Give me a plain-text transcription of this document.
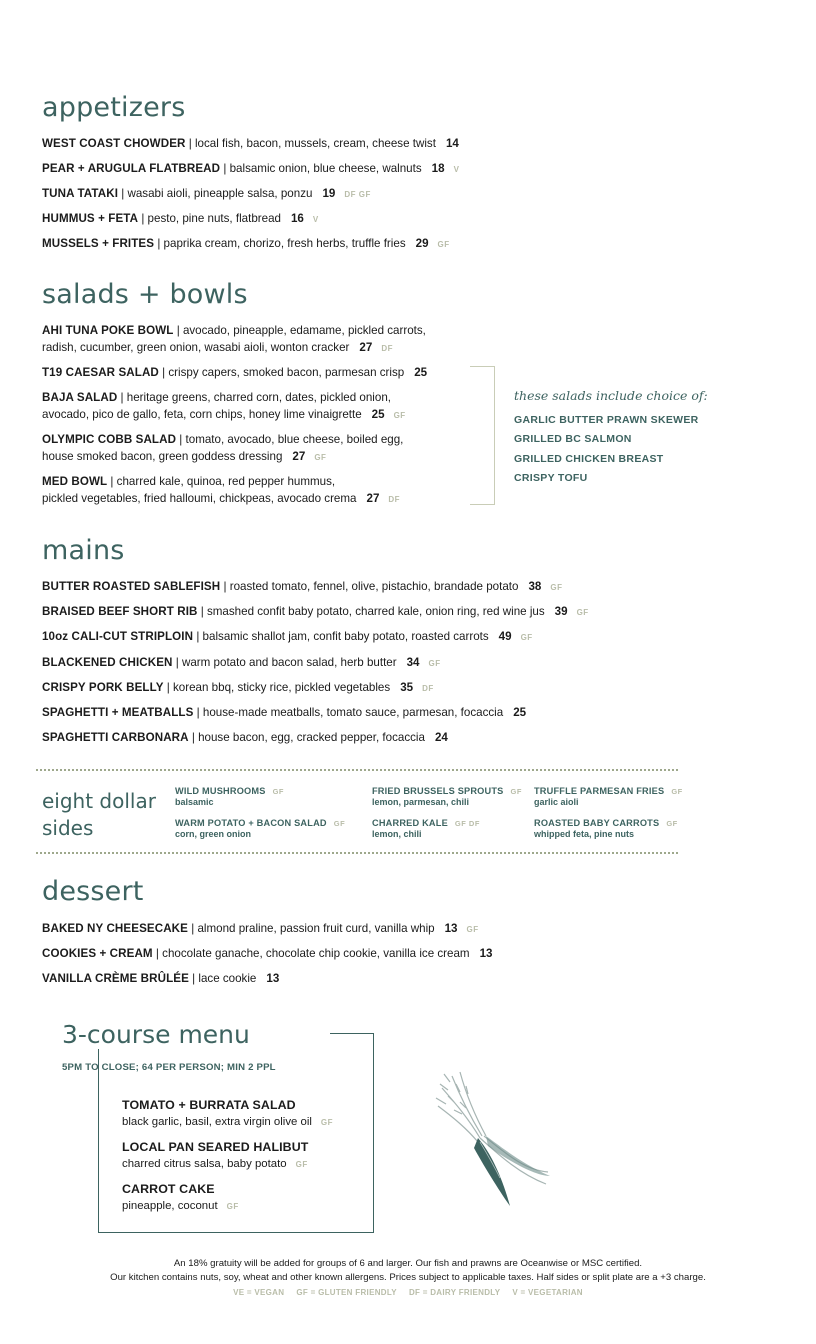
appetizers
WEST COAST CHOWDER | local fish, bacon, mussels, cream, cheese twist 14
PEAR + ARUGULA FLATBREAD | balsamic onion, blue cheese, walnuts 18 V
TUNA TATAKI | wasabi aioli, pineapple salsa, ponzu 19 DF GF
HUMMUS + FETA | pesto, pine nuts, flatbread 16 V
MUSSELS + FRITES | paprika cream, chorizo, fresh herbs, truffle fries 29 GF
salads + bowls
AHI TUNA POKE BOWL | avocado, pineapple, edamame, pickled carrots,
radish, cucumber, green onion, wasabi aioli, wonton cracker 27 DF
T19 CAESAR SALAD | crispy capers, smoked bacon, parmesan crisp 25
BAJA SALAD | heritage greens, charred corn, dates, pickled onion,
avocado, pico de gallo, feta, corn chips, honey lime vinaigrette 25 GF
OLYMPIC COBB SALAD | tomato, avocado, blue cheese, boiled egg,
house smoked bacon, green goddess dressing 27 GF
MED BOWL | charred kale, quinoa, red pepper hummus,
pickled vegetables, fried halloumi, chickpeas, avocado crema 27 DF
these salads include choice of:
GARLIC BUTTER PRAWN SKEWER
GRILLED BC SALMON
GRILLED CHICKEN BREAST
CRISPY TOFU
mains
BUTTER ROASTED SABLEFISH | roasted tomato, fennel, olive, pistachio, brandade potato 38 GF
BRAISED BEEF SHORT RIB | smashed confit baby potato, charred kale, onion ring, red wine jus 39 GF
10oz CALI-CUT STRIPLOIN | balsamic shallot jam, confit baby potato, roasted carrots 49 GF
BLACKENED CHICKEN | warm potato and bacon salad, herb butter 34 GF
CRISPY PORK BELLY | korean bbq, sticky rice, pickled vegetables 35 DF
SPAGHETTI + MEATBALLS | house-made meatballs, tomato sauce, parmesan, focaccia 25
SPAGHETTI CARBONARA | house bacon, egg, cracked pepper, focaccia 24
eight dollar
sides
WILD MUSHROOMS GF
balsamic
FRIED BRUSSELS SPROUTS GF
lemon, parmesan, chili
TRUFFLE PARMESAN FRIES GF
garlic aioli
WARM POTATO + BACON SALAD GF
corn, green onion
CHARRED KALE GF DF
lemon, chili
ROASTED BABY CARROTS GF
whipped feta, pine nuts
dessert
BAKED NY CHEESECAKE | almond praline, passion fruit curd, vanilla whip 13 GF
COOKIES + CREAM | chocolate ganache, chocolate chip cookie, vanilla ice cream 13
VANILLA CRÈME BRÛLÉE | lace cookie 13
3-course menu
5PM TO CLOSE; 64 PER PERSON; MIN 2 PPL
TOMATO + BURRATA SALAD
black garlic, basil, extra virgin olive oil GF
LOCAL PAN SEARED HALIBUT
charred citrus salsa, baby potato GF
CARROT CAKE
pineapple, coconut GF
An 18% gratuity will be added for groups of 6 and larger. Our fish and prawns are Oceanwise or MSC certified.
Our kitchen contains nuts, soy, wheat and other known allergens. Prices subject to applicable taxes. Half sides or split plate are a +3 charge.
VE = VEGAN GF = GLUTEN FRIENDLY DF = DAIRY FRIENDLY V = VEGETARIAN
